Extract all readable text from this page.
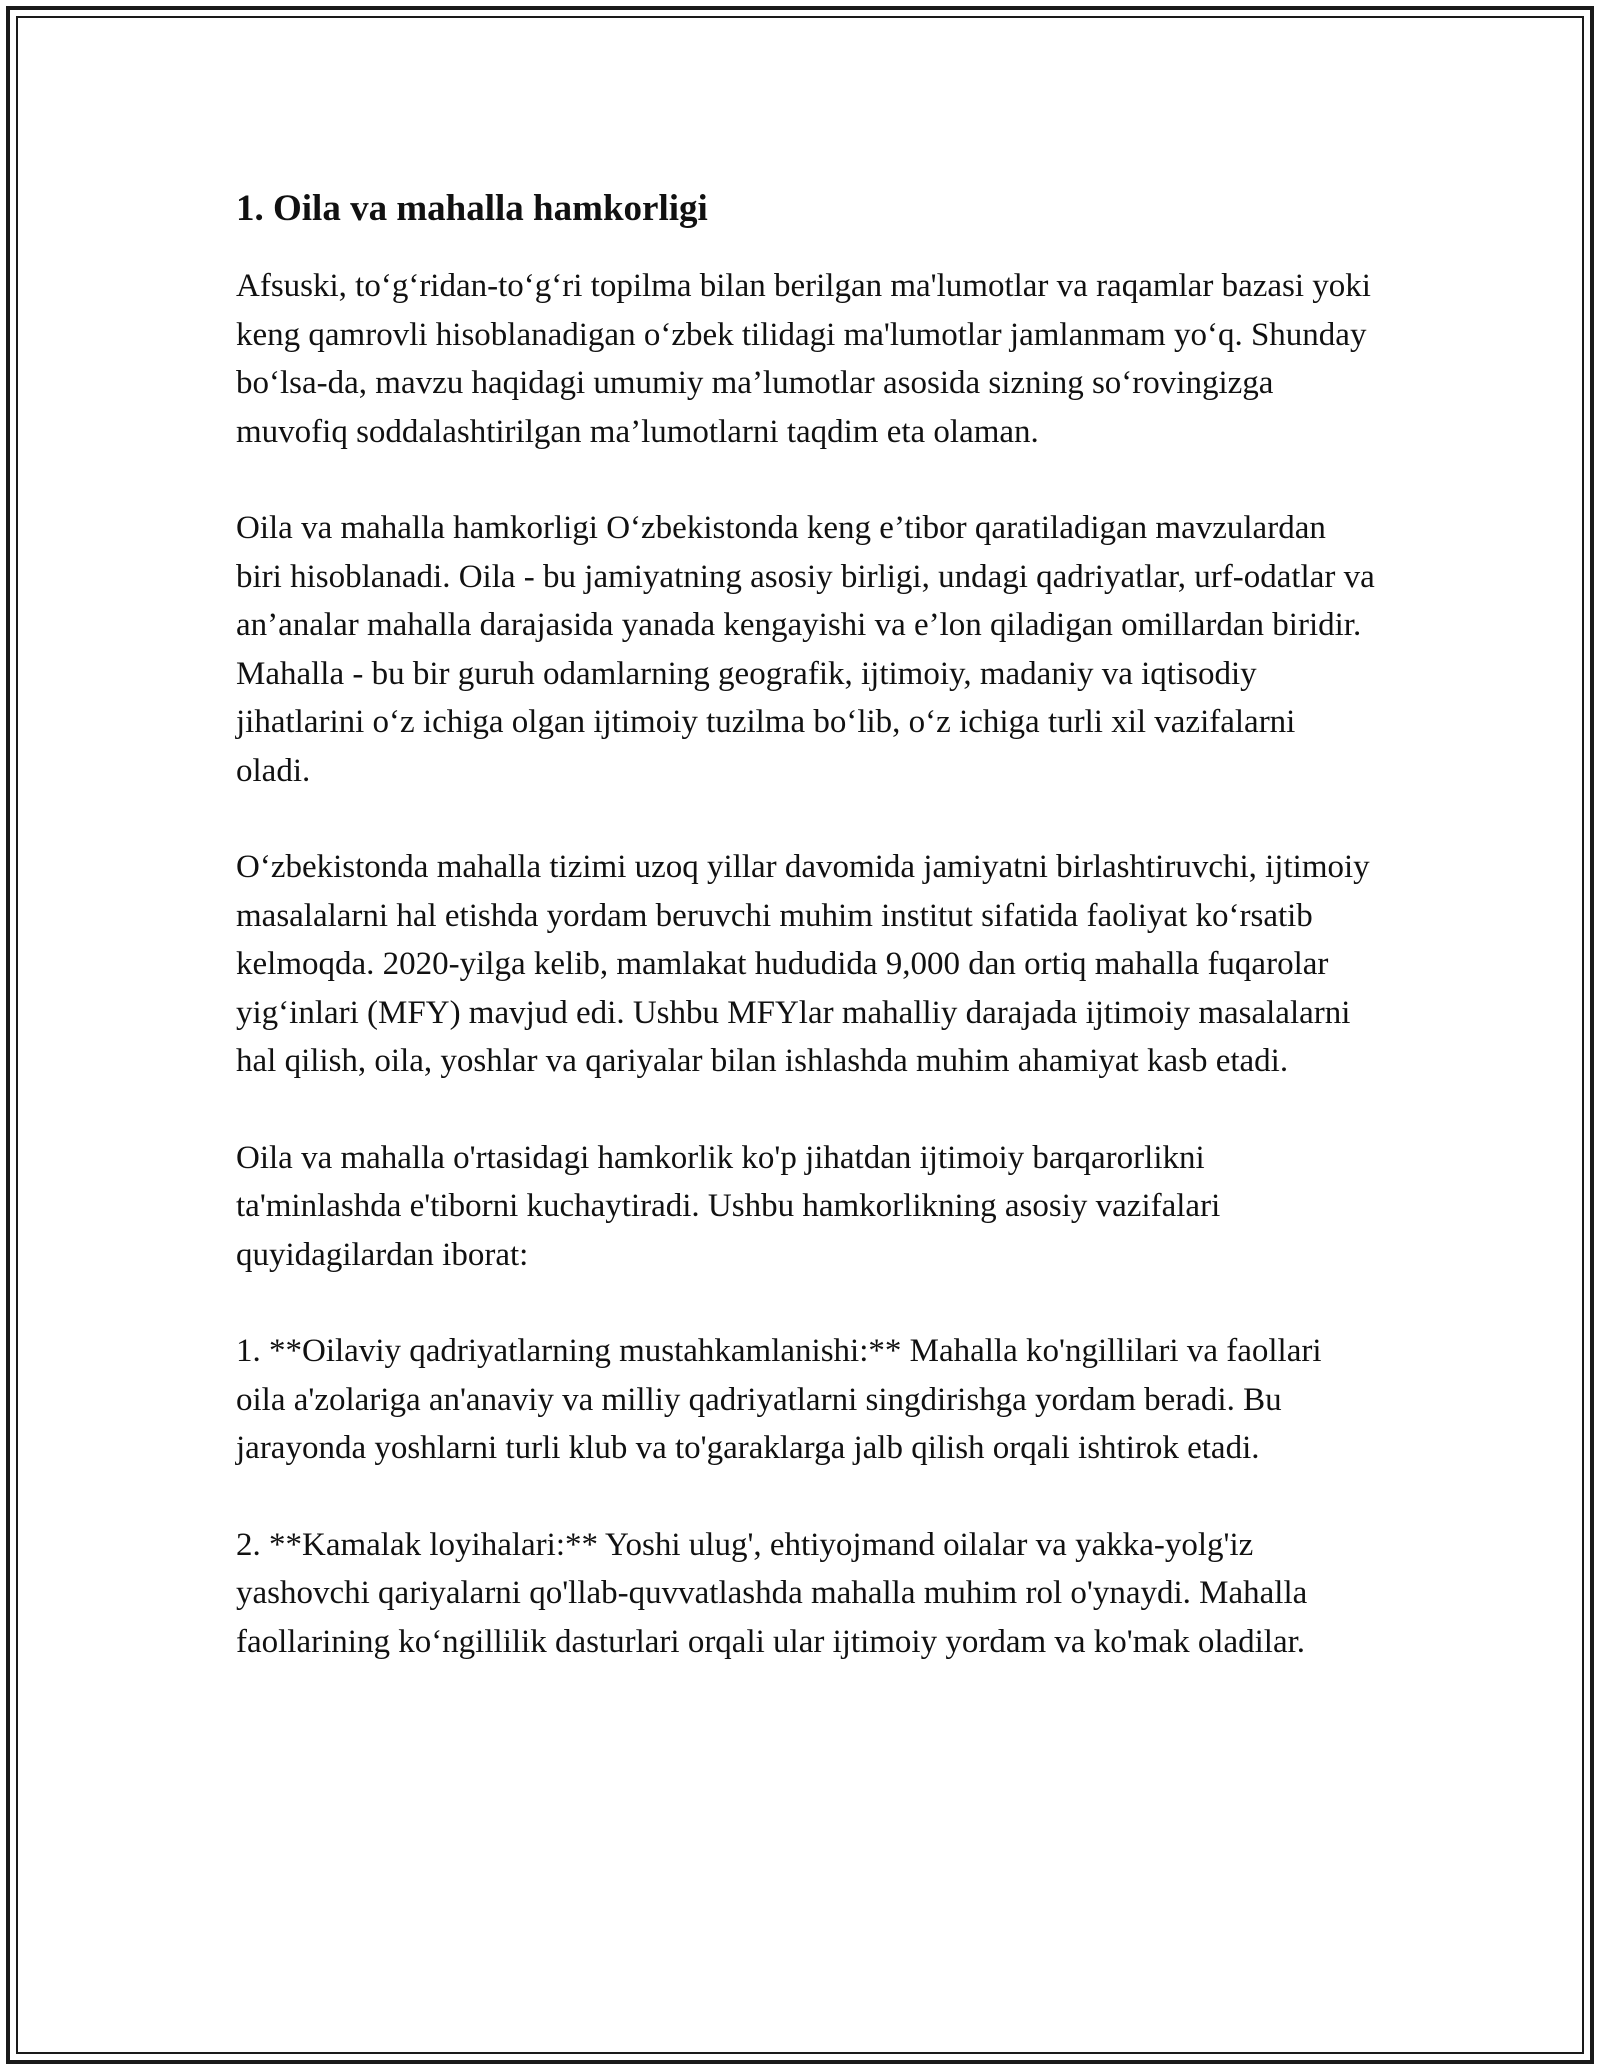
1. Oila va mahalla hamkorligi

Afsuski, to‘g‘ridan-to‘g‘ri topilma bilan berilgan ma'lumotlar va raqamlar bazasi yoki keng qamrovli hisoblanadigan o‘zbek tilidagi ma'lumotlar jamlanmam yo‘q. Shunday bo‘lsa-da, mavzu haqidagi umumiy ma’lumotlar asosida sizning so‘rovingizga muvofiq soddalashtirilgan ma’lumotlarni taqdim eta olaman.

Oila va mahalla hamkorligi O‘zbekistonda keng e’tibor qaratiladigan mavzulardan biri hisoblanadi. Oila - bu jamiyatning asosiy birligi, undagi qadriyatlar, urf-odatlar va an’analar mahalla darajasida yanada kengayishi va e’lon qiladigan omillardan biridir. Mahalla - bu bir guruh odamlarning geografik, ijtimoiy, madaniy va iqtisodiy jihatlarini o‘z ichiga olgan ijtimoiy tuzilma bo‘lib, o‘z ichiga turli xil vazifalarni oladi.

O‘zbekistonda mahalla tizimi uzoq yillar davomida jamiyatni birlashtiruvchi, ijtimoiy masalalarni hal etishda yordam beruvchi muhim institut sifatida faoliyat ko‘rsatib kelmoqda. 2020-yilga kelib, mamlakat hududida 9,000 dan ortiq mahalla fuqarolar yig‘inlari (MFY) mavjud edi. Ushbu MFYlar mahalliy darajada ijtimoiy masalalarni hal qilish, oila, yoshlar va qariyalar bilan ishlashda muhim ahamiyat kasb etadi.

Oila va mahalla o'rtasidagi hamkorlik ko'p jihatdan ijtimoiy barqarorlikni ta'minlashda e'tiborni kuchaytiradi. Ushbu hamkorlikning asosiy vazifalari quyidagilardan iborat:

1. **Oilaviy qadriyatlarning mustahkamlanishi:** Mahalla ko'ngillilari va faollari oila a'zolariga an'anaviy va milliy qadriyatlarni singdirishga yordam beradi. Bu jarayonda yoshlarni turli klub va to'garaklarga jalb qilish orqali ishtirok etadi.

2. **Kamalak loyihalari:** Yoshi ulug', ehtiyojmand oilalar va yakka-yolg'iz yashovchi qariyalarni qo'llab-quvvatlashda mahalla muhim rol o'ynaydi. Mahalla faollarining ko‘ngillilik dasturlari orqali ular ijtimoiy yordam va ko'mak oladilar.
